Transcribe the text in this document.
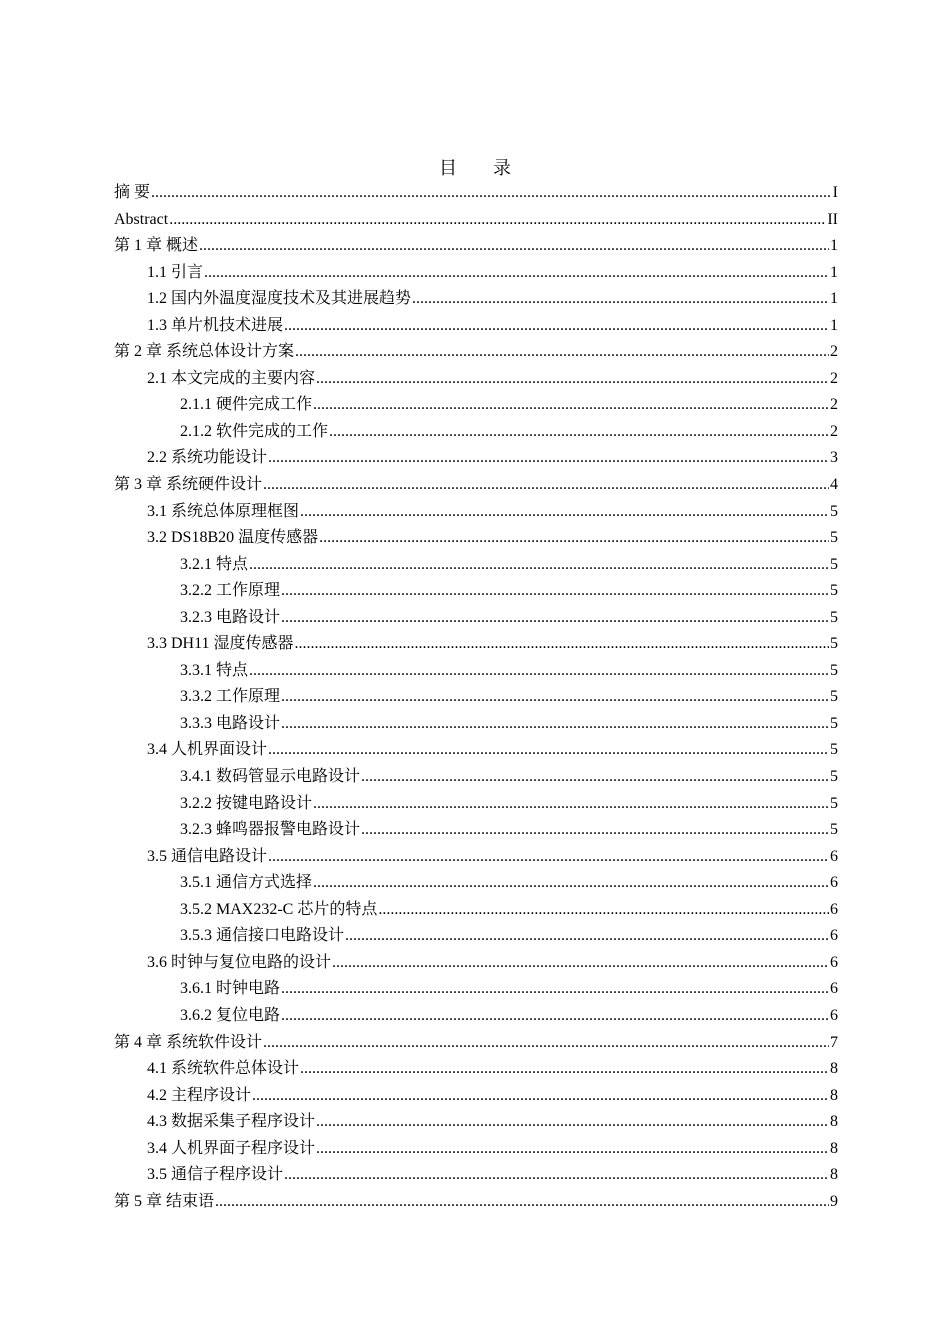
目录
摘 要 .....	I
Abstract .....	II
第 1 章 概述 .....	1
1.1 引言 .....	1
1.2 国内外温度湿度技术及其进展趋势 .....	1
1.3 单片机技术进展 .....	1
第 2 章 系统总体设计方案 .....	2
2.1 本文完成的主要内容 .....	2
2.1.1 硬件完成工作 .....	2
2.1.2 软件完成的工作 .....	2
2.2 系统功能设计 .....	3
第 3 章 系统硬件设计 .....	4
3.1 系统总体原理框图 .....	5
3.2 DS18B20 温度传感器 .....	5
3.2.1 特点 .....	5
3.2.2 工作原理 .....	5
3.2.3 电路设计 .....	5
3.3 DH11 湿度传感器 .....	5
3.3.1 特点 .....	5
3.3.2 工作原理 .....	5
3.3.3 电路设计 .....	5
3.4 人机界面设计 .....	5
3.4.1 数码管显示电路设计 .....	5
3.2.2 按键电路设计 .....	5
3.2.3 蜂鸣器报警电路设计 .....	5
3.5 通信电路设计 .....	6
3.5.1 通信方式选择 .....	6
3.5.2 MAX232-C 芯片的特点 .....	6
3.5.3 通信接口电路设计 .....	6
3.6 时钟与复位电路的设计 .....	6
3.6.1 时钟电路 .....	6
3.6.2 复位电路 .....	6
第 4 章 系统软件设计 .....	7
4.1 系统软件总体设计 .....	8
4.2 主程序设计 .....	8
4.3 数据采集子程序设计 .....	8
3.4 人机界面子程序设计 .....	8
3.5 通信子程序设计 .....	8
第 5 章 结束语 .....	9
